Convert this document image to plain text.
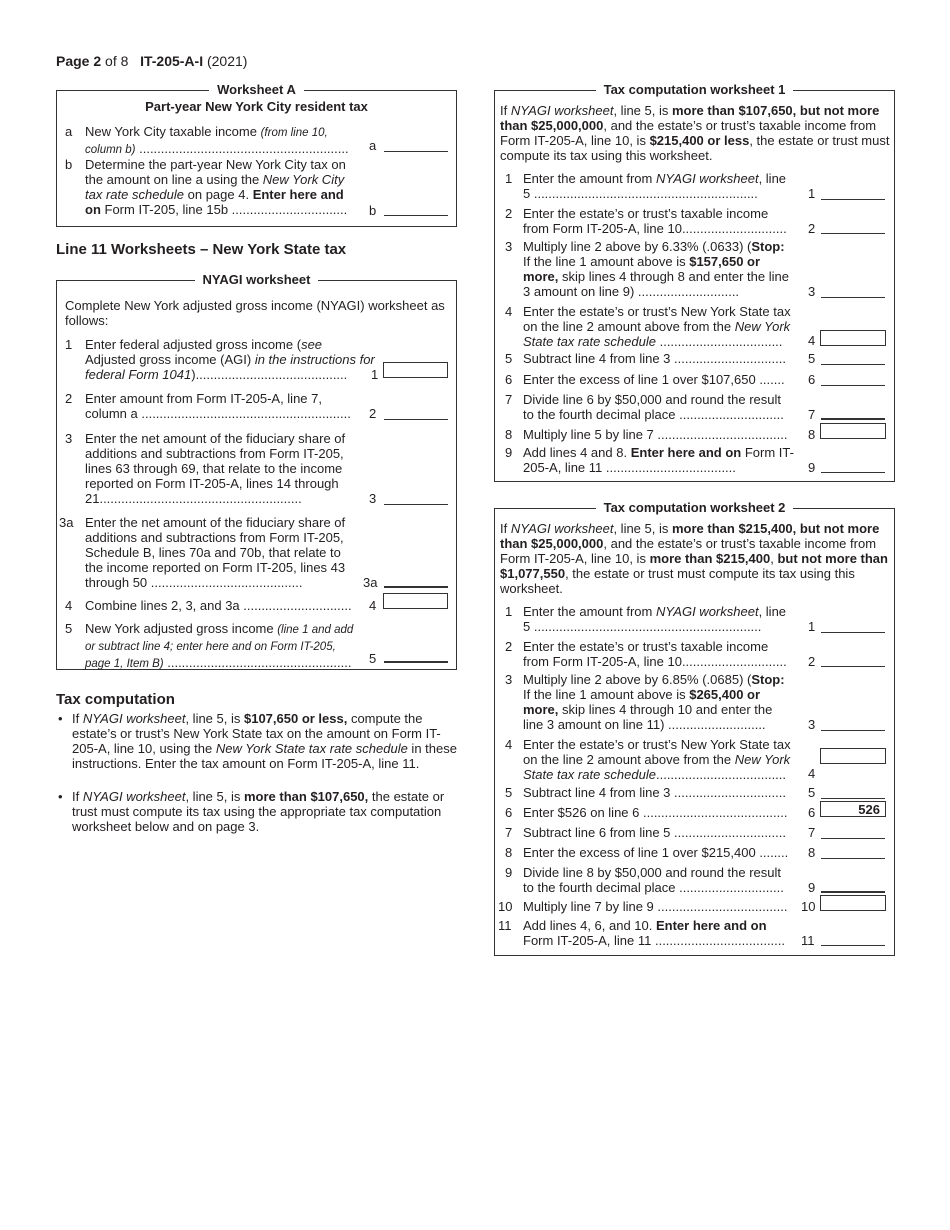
Page 2 of 8 IT-205-A-I (2021)
Worksheet A
Part-year New York City resident tax
a New York City taxable income (from line 10, column b) ..........................................................	a
b Determine the part-year New York City tax on the amount on line a using the New York City tax rate schedule on page 4. Enter here and on Form IT-205, line 15b ................................	b
Line 11 Worksheets – New York State tax
NYAGI worksheet
Complete New York adjusted gross income (NYAGI) worksheet as follows:
1 Enter federal adjusted gross income (see Adjusted gross income (AGI) in the instructions for federal Form 1041)..........................................	1
2 Enter amount from Form IT-205-A, line 7, column a ..........................................................	2
3 Enter the net amount of the fiduciary share of additions and subtractions from Form IT-205, lines 63 through 69, that relate to the income reported on Form IT-205-A, lines 14 through 21........................................................	3
3a Enter the net amount of the fiduciary share of additions and subtractions from Form IT-205, Schedule B, lines 70a and 70b, that relate to the income reported on Form IT-205, lines 43 through 50 ..........................................	3a
4 Combine lines 2, 3, and 3a .............................. 4
5 New York adjusted gross income (line 1 and add or subtract line 4; enter here and on Form IT-205, page 1, Item B) ................................................... 5
Tax computation
• If NYAGI worksheet, line 5, is $107,650 or less, compute the estate’s or trust’s New York State tax on the amount on Form IT-205-A, line 10, using the New York State tax rate schedule in these instructions. Enter the tax amount on Form IT-205-A, line 11.
• If NYAGI worksheet, line 5, is more than $107,650, the estate or trust must compute its tax using the appropriate tax computation worksheet below and on page 3.
Tax computation worksheet 1
If NYAGI worksheet, line 5, is more than $107,650, but not more than $25,000,000, and the estate’s or trust’s taxable income from Form IT-205-A, line 10, is $215,400 or less, the estate or trust must compute its tax using this worksheet.
1 Enter the amount from NYAGI worksheet, line 5 ..............................................................	1
2 Enter the estate’s or trust’s taxable income from Form IT-205-A, line 10.............................	2
3 Multiply line 2 above by 6.33% (.0633) (Stop: If the line 1 amount above is $157,650 or more, skip lines 4 through 8 and enter the line 3 amount on line 9) ............................	3
4 Enter the estate’s or trust’s New York State tax on the line 2 amount above from the New York State tax rate schedule ..................................	4
5 Subtract line 4 from line 3 ...............................	5
6 Enter the excess of line 1 over $107,650 .......	6
7 Divide line 6 by $50,000 and round the result to the fourth decimal place .............................	7
8 Multiply line 5 by line 7 ....................................	8
9 Add lines 4 and 8. Enter here and on Form IT-205-A, line 11 ....................................	9
Tax computation worksheet 2
If NYAGI worksheet, line 5, is more than $215,400, but not more than $25,000,000, and the estate’s or trust’s taxable income from Form IT-205-A, line 10, is more than $215,400, but not more than $1,077,550, the estate or trust must compute its tax using this worksheet.
1 Enter the amount from NYAGI worksheet, line 5 ...............................................................	1
2 Enter the estate’s or trust’s taxable income from Form IT-205-A, line 10.............................	2
3 Multiply line 2 above by 6.85% (.0685) (Stop: If the line 1 amount above is $265,400 or more, skip lines 4 through 10 and enter the line 3 amount on line 11) ...........................	3
4 Enter the estate’s or trust’s New York State tax on the line 2 amount above from the New York State tax rate schedule....................................	4
5 Subtract line 4 from line 3 ...............................	5
6 Enter $526 on line 6 ........................................	6	526
7 Subtract line 6 from line 5 ...............................	7
8 Enter the excess of line 1 over $215,400 ........	8
9 Divide line 8 by $50,000 and round the result to the fourth decimal place .............................	9
10 Multiply line 7 by line 9 ....................................	10
11 Add lines 4, 6, and 10. Enter here and on Form IT-205-A, line 11 ....................................	11
